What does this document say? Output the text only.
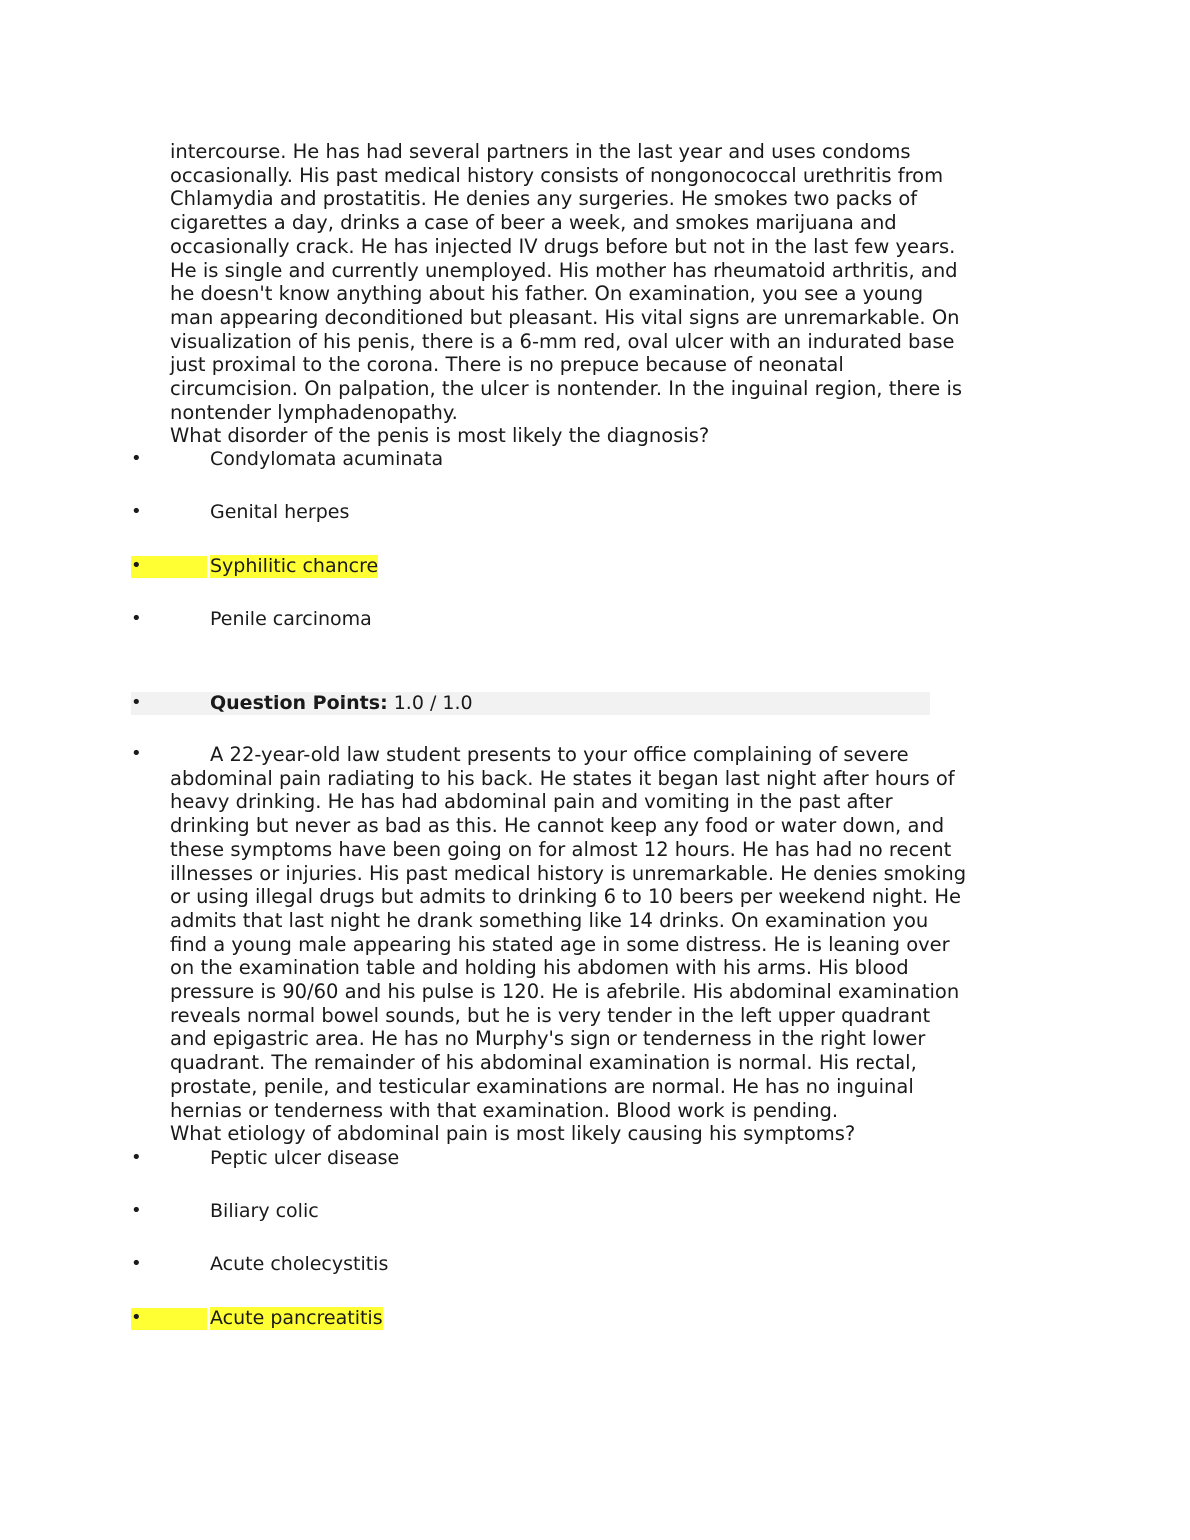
intercourse. He has had several partners in the last year and uses condoms
occasionally. His past medical history consists of nongonococcal urethritis from
Chlamydia and prostatitis. He denies any surgeries. He smokes two packs of
cigarettes a day, drinks a case of beer a week, and smokes marijuana and
occasionally crack. He has injected IV drugs before but not in the last few years.
He is single and currently unemployed. His mother has rheumatoid arthritis, and
he doesn't know anything about his father. On examination, you see a young
man appearing deconditioned but pleasant. His vital signs are unremarkable. On
visualization of his penis, there is a 6-mm red, oval ulcer with an indurated base
just proximal to the corona. There is no prepuce because of neonatal
circumcision. On palpation, the ulcer is nontender. In the inguinal region, there is
nontender lymphadenopathy.
What disorder of the penis is most likely the diagnosis?
•	Condylomata acuminata
•	Genital herpes
•	Syphilitic chancre
•	Penile carcinoma
•	Question Points: 1.0 / 1.0
•	A 22-year-old law student presents to your office complaining of severe
abdominal pain radiating to his back. He states it began last night after hours of
heavy drinking. He has had abdominal pain and vomiting in the past after
drinking but never as bad as this. He cannot keep any food or water down, and
these symptoms have been going on for almost 12 hours. He has had no recent
illnesses or injuries. His past medical history is unremarkable. He denies smoking
or using illegal drugs but admits to drinking 6 to 10 beers per weekend night. He
admits that last night he drank something like 14 drinks. On examination you
find a young male appearing his stated age in some distress. He is leaning over
on the examination table and holding his abdomen with his arms. His blood
pressure is 90/60 and his pulse is 120. He is afebrile. His abdominal examination
reveals normal bowel sounds, but he is very tender in the left upper quadrant
and epigastric area. He has no Murphy's sign or tenderness in the right lower
quadrant. The remainder of his abdominal examination is normal. His rectal,
prostate, penile, and testicular examinations are normal. He has no inguinal
hernias or tenderness with that examination. Blood work is pending.
What etiology of abdominal pain is most likely causing his symptoms?
•	Peptic ulcer disease
•	Biliary colic
•	Acute cholecystitis
•	Acute pancreatitis
